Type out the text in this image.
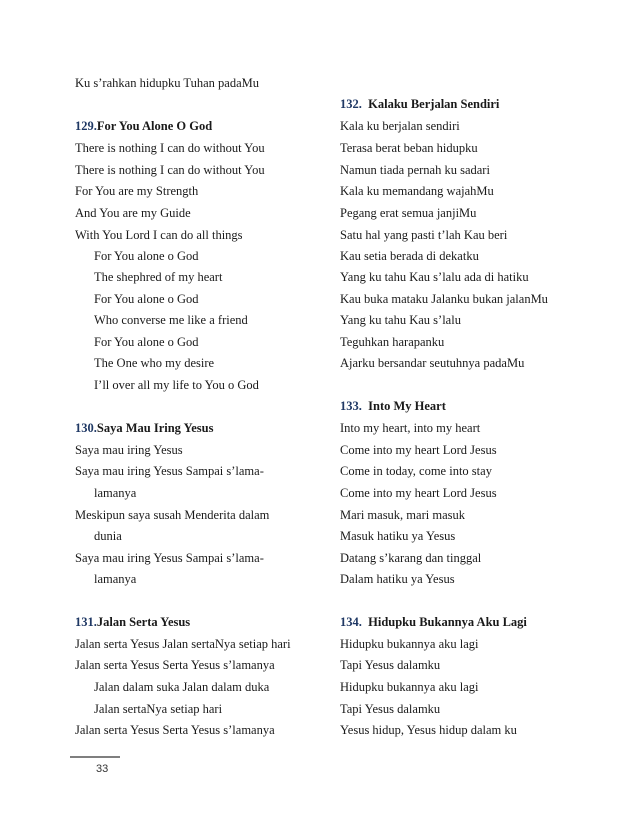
Ku s’rahkan hidupku Tuhan padaMu
129.For You Alone O God
There is nothing I can do without You
There is nothing I can do without You
For You are my Strength
And You are my Guide
With You Lord I can do all things
For You alone o God
The shephred of my heart
For You alone o God
Who converse me like a friend
For You alone o God
The One who my desire
I’ll over all my life to You o God
130.Saya Mau Iring Yesus
Saya mau iring Yesus
Saya mau iring Yesus Sampai s’lama-
lamanya
Meskipun saya susah Menderita dalam
dunia
Saya mau iring Yesus Sampai s’lama-
lamanya
131.Jalan Serta Yesus
Jalan serta Yesus Jalan sertaNya setiap hari
Jalan serta Yesus Serta Yesus s’lamanya
Jalan dalam suka Jalan dalam duka
Jalan sertaNya setiap hari
Jalan serta Yesus Serta Yesus s’lamanya
132. Kalaku Berjalan Sendiri
Kala ku berjalan sendiri
Terasa berat beban hidupku
Namun tiada pernah ku sadari
Kala ku memandang wajahMu
Pegang erat semua janjiMu
Satu hal yang pasti t’lah Kau beri
Kau setia berada di dekatku
Yang ku tahu Kau s’lalu ada di hatiku
Kau buka mataku Jalanku bukan jalanMu
Yang ku tahu Kau s’lalu
Teguhkan harapanku
Ajarku bersandar seutuhnya padaMu
133. Into My Heart
Into my heart, into my heart
Come into my heart Lord Jesus
Come in today, come into stay
Come into my heart Lord Jesus
Mari masuk, mari masuk
Masuk hatiku ya Yesus
Datang s’karang dan tinggal
Dalam hatiku ya Yesus
134. Hidupku Bukannya Aku Lagi
Hidupku bukannya aku lagi
Tapi Yesus dalamku
Hidupku bukannya aku lagi
Tapi Yesus dalamku
Yesus hidup, Yesus hidup dalam ku
33
